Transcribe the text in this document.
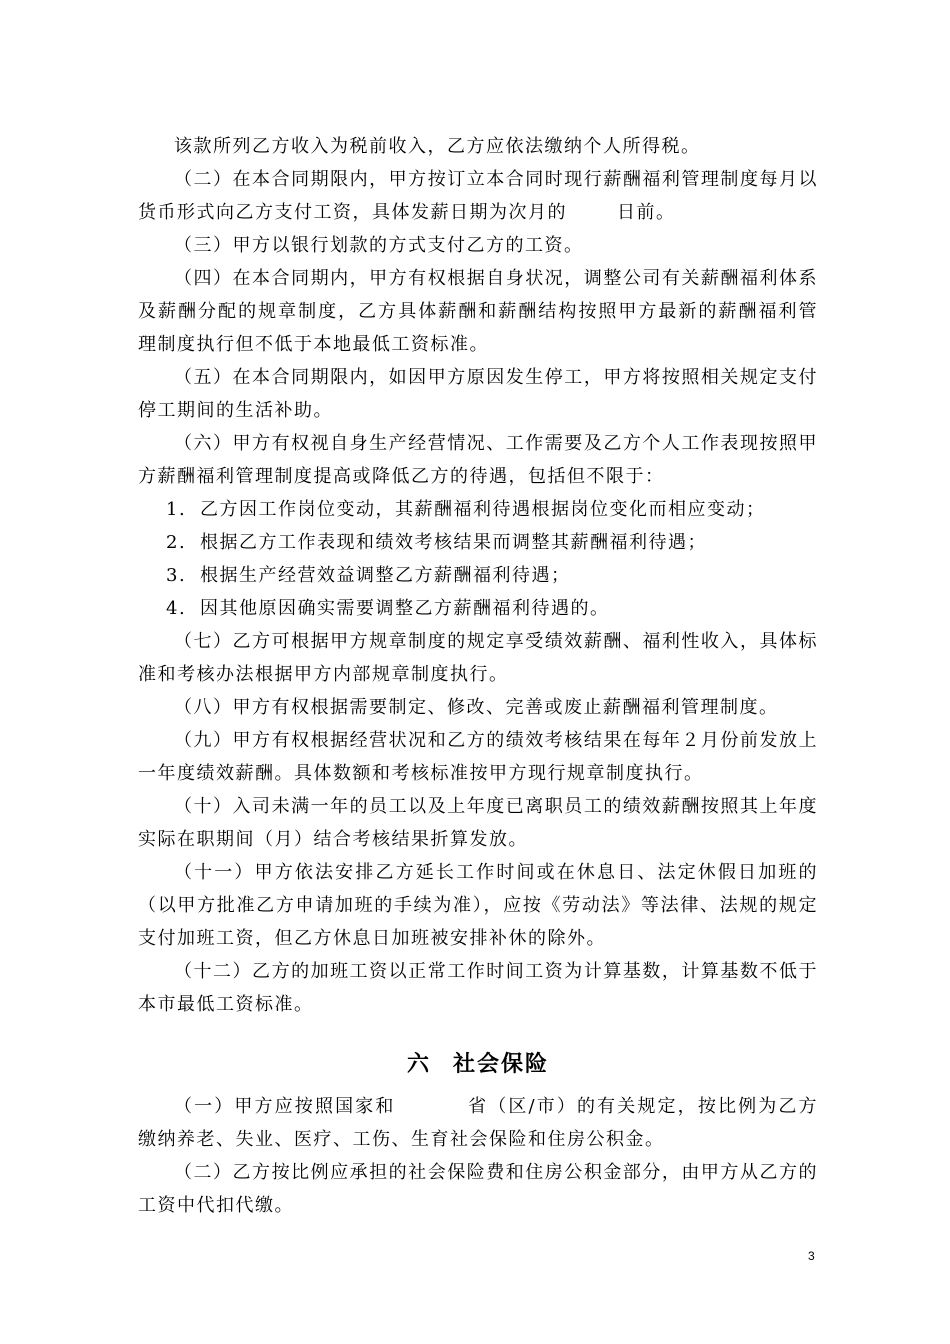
该款所列乙方收入为税前收入，乙方应依法缴纳个人所得税。

（二）在本合同期限内，甲方按订立本合同时现行薪酬福利管理制度每月以货币形式向乙方支付工资，具体发薪日期为次月的	日前。

（三）甲方以银行划款的方式支付乙方的工资。

（四）在本合同期内，甲方有权根据自身状况，调整公司有关薪酬福利体系及薪酬分配的规章制度，乙方具体薪酬和薪酬结构按照甲方最新的薪酬福利管理制度执行但不低于本地最低工资标准。

（五）在本合同期限内，如因甲方原因发生停工，甲方将按照相关规定支付停工期间的生活补助。

（六）甲方有权视自身生产经营情况、工作需要及乙方个人工作表现按照甲方薪酬福利管理制度提高或降低乙方的待遇，包括但不限于：

1. 乙方因工作岗位变动，其薪酬福利待遇根据岗位变化而相应变动；

2. 根据乙方工作表现和绩效考核结果而调整其薪酬福利待遇；

3. 根据生产经营效益调整乙方薪酬福利待遇；

4. 因其他原因确实需要调整乙方薪酬福利待遇的。

（七）乙方可根据甲方规章制度的规定享受绩效薪酬、福利性收入，具体标准和考核办法根据甲方内部规章制度执行。

（八）甲方有权根据需要制定、修改、完善或废止薪酬福利管理制度。

（九）甲方有权根据经营状况和乙方的绩效考核结果在每年２月份前发放上一年度绩效薪酬。具体数额和考核标准按甲方现行规章制度执行。

（十）入司未满一年的员工以及上年度已离职员工的绩效薪酬按照其上年度实际在职期间（月）结合考核结果折算发放。

（十一）甲方依法安排乙方延长工作时间或在休息日、法定休假日加班的（以甲方批准乙方申请加班的手续为准），应按《劳动法》等法律、法规的规定支付加班工资，但乙方休息日加班被安排补休的除外。

（十二）乙方的加班工资以正常工作时间工资为计算基数，计算基数不低于本市最低工资标准。

六 社会保险

（一）甲方应按照国家和	省（区/市）的有关规定，按比例为乙方缴纳养老、失业、医疗、工伤、生育社会保险和住房公积金。

（二）乙方按比例应承担的社会保险费和住房公积金部分，由甲方从乙方的工资中代扣代缴。

3
